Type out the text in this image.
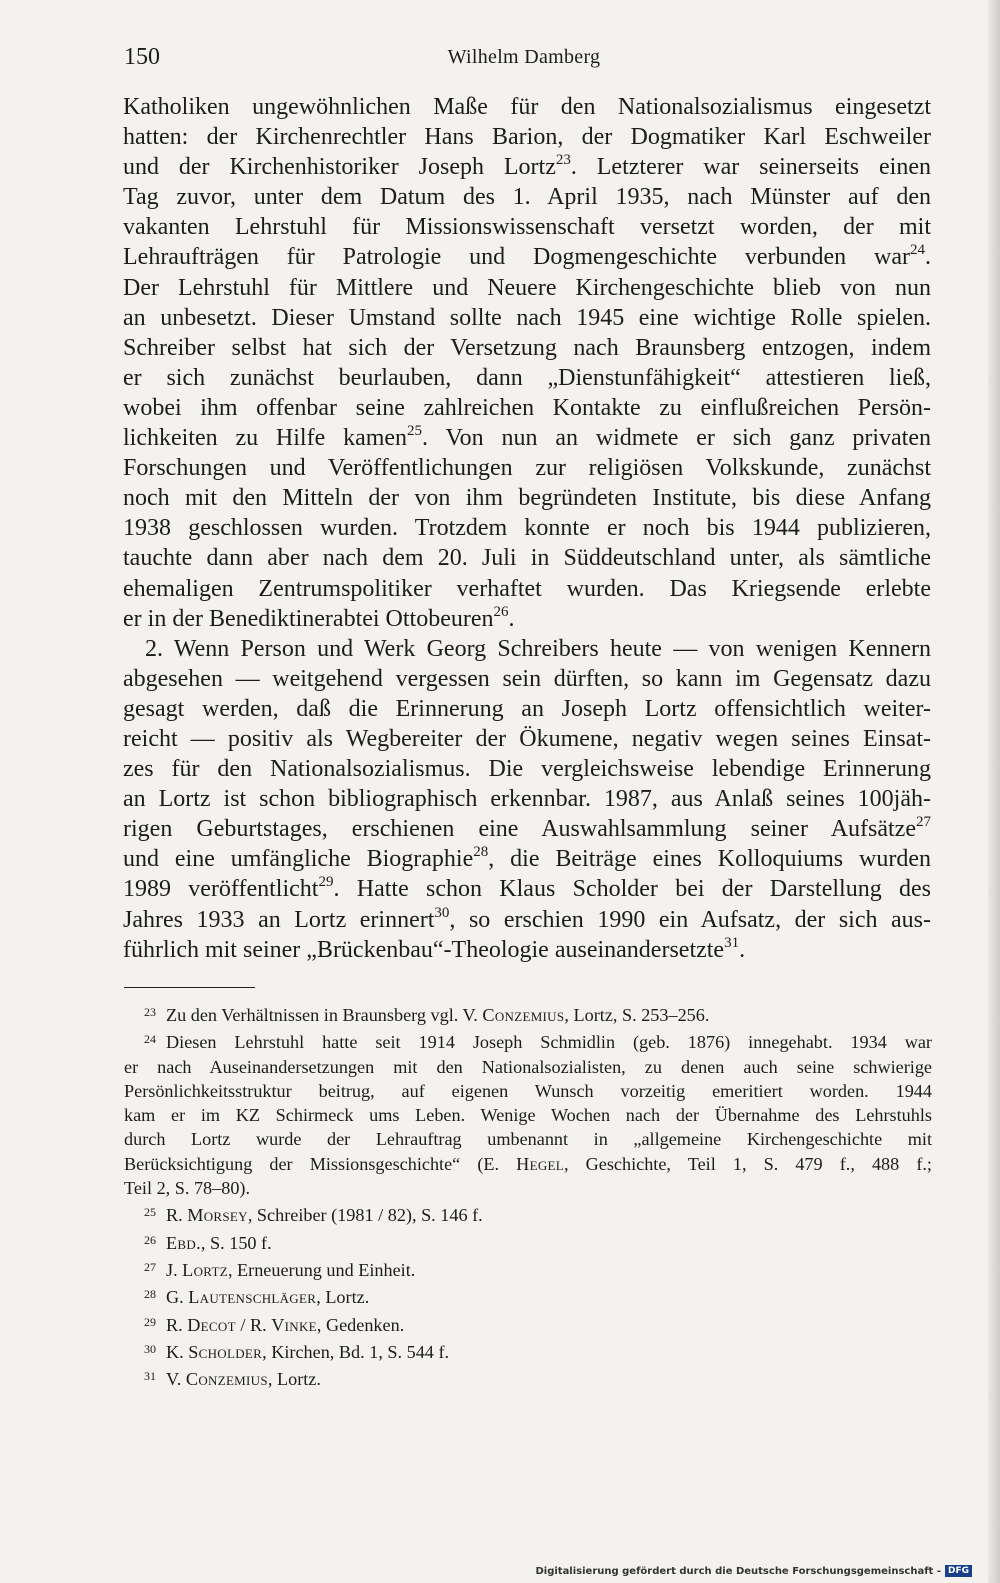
150	Wilhelm Damberg
Katholiken ungewöhnlichen Maße für den Nationalsozialismus eingesetzt
hatten: der Kirchenrechtler Hans Barion, der Dogmatiker Karl Eschweiler
und der Kirchenhistoriker Joseph Lortz$^{23}$. Letzterer war seinerseits einen
Tag zuvor, unter dem Datum des 1. April 1935, nach Münster auf den
vakanten Lehrstuhl für Missionswissenschaft versetzt worden, der mit
Lehraufträgen für Patrologie und Dogmengeschichte verbunden war$^{24}$.
Der Lehrstuhl für Mittlere und Neuere Kirchengeschichte blieb von nun
an unbesetzt. Dieser Umstand sollte nach 1945 eine wichtige Rolle spielen.
Schreiber selbst hat sich der Versetzung nach Braunsberg entzogen, indem
er sich zunächst beurlauben, dann „Dienstunfähigkeit“ attestieren ließ,
wobei ihm offenbar seine zahlreichen Kontakte zu einflußreichen Persön-
lichkeiten zu Hilfe kamen$^{25}$. Von nun an widmete er sich ganz privaten
Forschungen und Veröffentlichungen zur religiösen Volkskunde, zunächst
noch mit den Mitteln der von ihm begründeten Institute, bis diese Anfang
1938 geschlossen wurden. Trotzdem konnte er noch bis 1944 publizieren,
tauchte dann aber nach dem 20. Juli in Süddeutschland unter, als sämtliche
ehemaligen Zentrumspolitiker verhaftet wurden. Das Kriegsende erlebte
er in der Benediktinerabtei Ottobeuren$^{26}$.
2. Wenn Person und Werk Georg Schreibers heute — von wenigen Kennern
abgesehen — weitgehend vergessen sein dürften, so kann im Gegensatz dazu
gesagt werden, daß die Erinnerung an Joseph Lortz offensichtlich weiter-
reicht — positiv als Wegbereiter der Ökumene, negativ wegen seines Einsat-
zes für den Nationalsozialismus. Die vergleichsweise lebendige Erinnerung
an Lortz ist schon bibliographisch erkennbar. 1987, aus Anlaß seines 100jäh-
rigen Geburtstages, erschienen eine Auswahlsammlung seiner Aufsätze$^{27}$
und eine umfängliche Biographie$^{28}$, die Beiträge eines Kolloquiums wurden
1989 veröffentlicht$^{29}$. Hatte schon Klaus Scholder bei der Darstellung des
Jahres 1933 an Lortz erinnert$^{30}$, so erschien 1990 ein Aufsatz, der sich aus-
führlich mit seiner „Brückenbau“-Theologie auseinandersetzte$^{31}$.
23 Zu den Verhältnissen in Braunsberg vgl. V. Conzemius, Lortz, S. 253–256.
24 Diesen Lehrstuhl hatte seit 1914 Joseph Schmidlin (geb. 1876) innegehabt. 1934 war
er nach Auseinandersetzungen mit den Nationalsozialisten, zu denen auch seine schwierige
Persönlichkeitsstruktur beitrug, auf eigenen Wunsch vorzeitig emeritiert worden. 1944
kam er im KZ Schirmeck ums Leben. Wenige Wochen nach der Übernahme des Lehrstuhls
durch Lortz wurde der Lehrauftrag umbenannt in „allgemeine Kirchengeschichte mit
Berücksichtigung der Missionsgeschichte“ (E. Hegel, Geschichte, Teil 1, S. 479 f., 488 f.;
Teil 2, S. 78–80).
25 R. Morsey, Schreiber (1981 / 82), S. 146 f.
26 Ebd., S. 150 f.
27 J. Lortz, Erneuerung und Einheit.
28 G. Lautenschläger, Lortz.
29 R. Decot / R. Vinke, Gedenken.
30 K. Scholder, Kirchen, Bd. 1, S. 544 f.
31 V. Conzemius, Lortz.
Digitalisierung gefördert durch die Deutsche Forschungsgemeinschaft - DFG
